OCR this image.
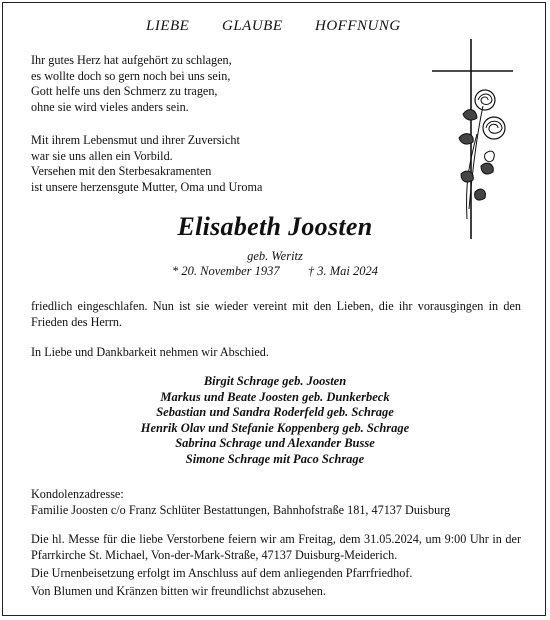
LIEBE GLAUBE HOFFNUNG
Ihr gutes Herz hat aufgehört zu schlagen,
es wollte doch so gern noch bei uns sein,
Gott helfe uns den Schmerz zu tragen,
ohne sie wird vieles anders sein.
Mit ihrem Lebensmut und ihrer Zuversicht
war sie uns allen ein Vorbild.
Versehen mit den Sterbesakramenten
ist unsere herzensgute Mutter, Oma und Uroma
Elisabeth Joosten
geb. Weritz
* 20. November 1937 † 3. Mai 2024
friedlich eingeschlafen. Nun ist sie wieder vereint mit den Lieben, die ihr vorausgingen in den Frieden des Herrn.
In Liebe und Dankbarkeit nehmen wir Abschied.
Birgit Schrage geb. Joosten
Markus und Beate Joosten geb. Dunkerbeck
Sebastian und Sandra Roderfeld geb. Schrage
Henrik Olav und Stefanie Koppenberg geb. Schrage
Sabrina Schrage und Alexander Busse
Simone Schrage mit Paco Schrage
Kondolenzadresse:
Familie Joosten c/o Franz Schlüter Bestattungen, Bahnhofstraße 181, 47137 Duisburg
Die hl. Messe für die liebe Verstorbene feiern wir am Freitag, dem 31.05.2024, um 9:00 Uhr in der Pfarrkirche St. Michael, Von-der-Mark-Straße, 47137 Duisburg-Meiderich.
Die Urnenbeisetzung erfolgt im Anschluss auf dem anliegenden Pfarrfriedhof.
Von Blumen und Kränzen bitten wir freundlichst abzusehen.
